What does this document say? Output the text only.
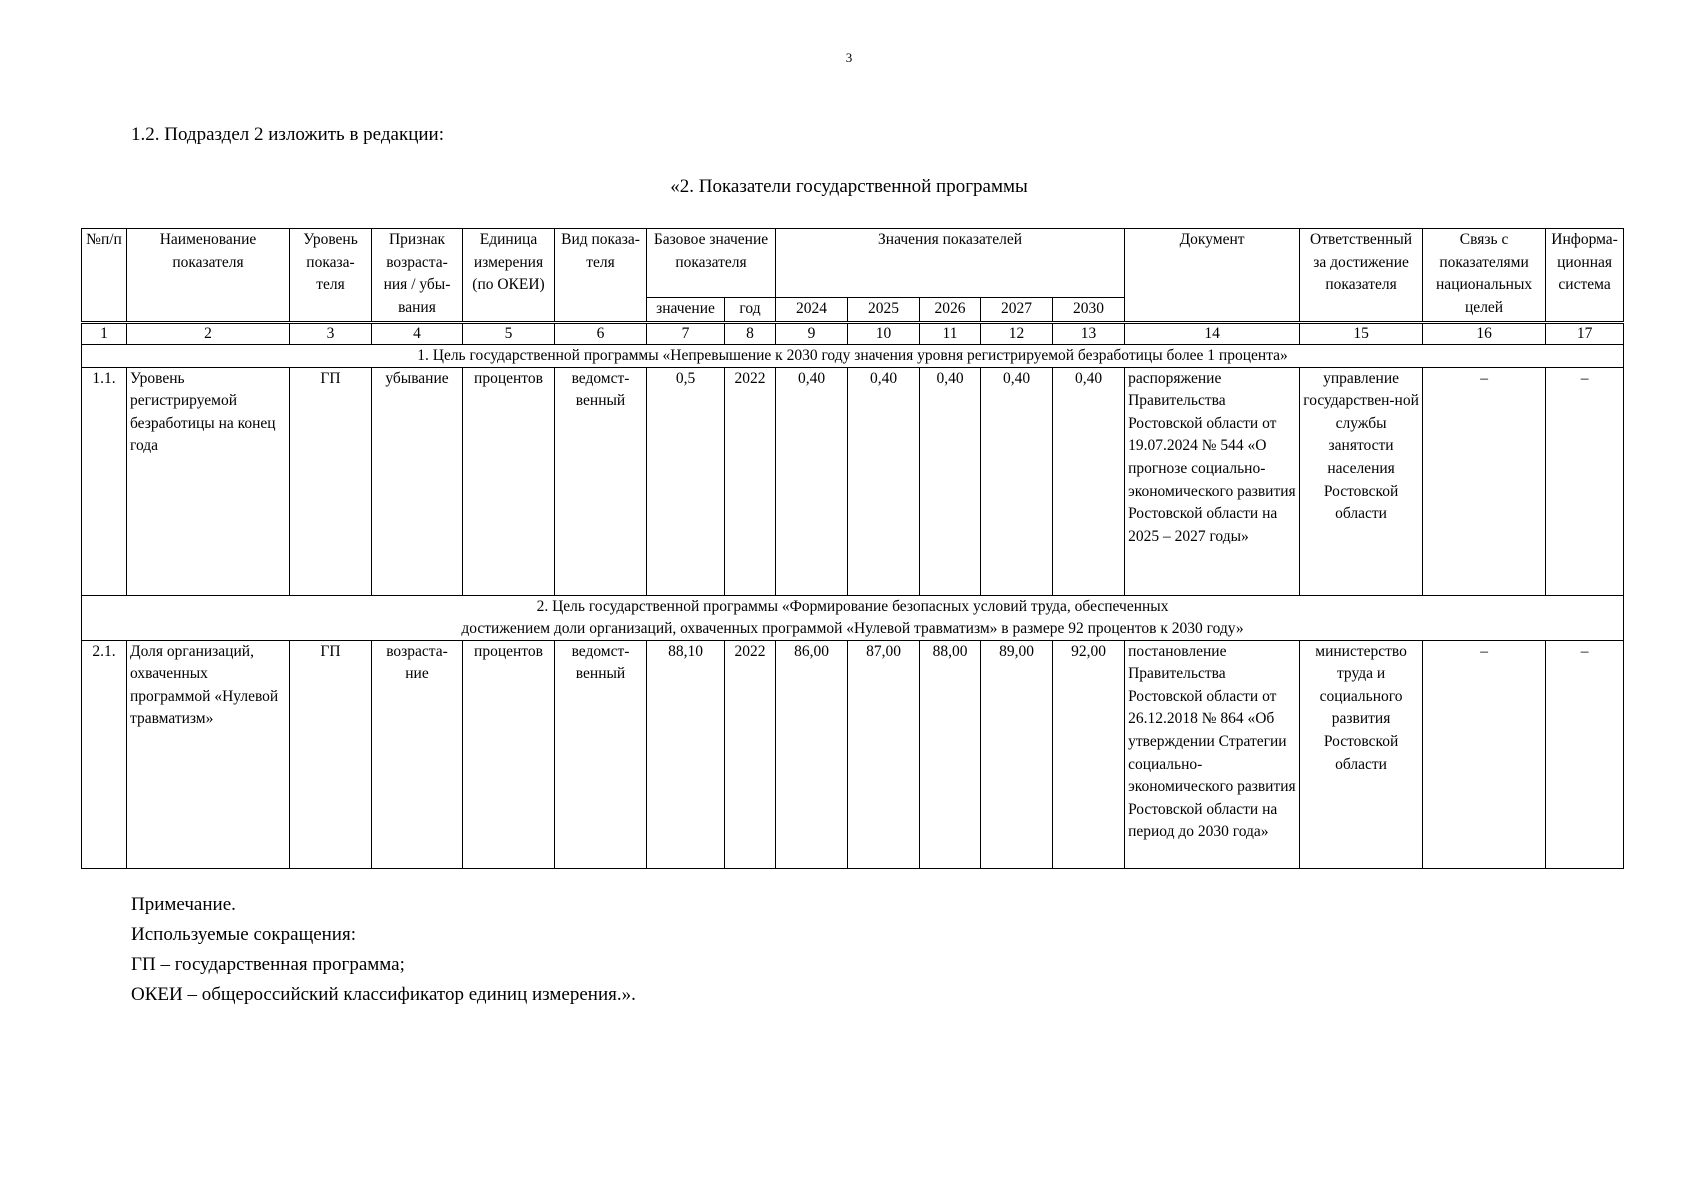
3
1.2. Подраздел 2 изложить в редакции:
«2. Показатели государственной программы
№п/п	Наименование показателя	Уровень показа-теля	Признак возраста-ния / убы-вания	Единица измерения (по ОКЕИ)	Вид показа-теля	Базовое значение показателя		Значения показателей					Документ	Ответственный за достижение показателя	Связь с показателями национальных целей	Информа-ционная система
						значение	год	2024	2025	2026	2027	2030				
1	2	3	4	5	6	7	8	9	10	11	12	13	14	15	16	17
1. Цель государственной программы «Непревышение к 2030 году значения уровня регистрируемой безработицы более 1 процента»																
1.1.	Уровень регистрируемой безработицы на конец года	ГП	убывание	процентов	ведомст-венный	0,5	2022	0,40	0,40	0,40	0,40	0,40	распоряжение Правительства Ростовской области от 19.07.2024 № 544 «О прогнозе социально-экономического развития Ростовской области на 2025 – 2027 годы»	управление государствен-ной службы занятости населения Ростовской области	–	–

2. Цель государственной программы «Формирование безопасных условий труда, обеспеченных
достижением доли организаций, охваченных программой «Нулевой травматизм» в размере 92 процентов к 2030 году»																

2.1.	Доля организаций, охваченных программой «Нулевой травматизм»	ГП	возраста-ние	процентов	ведомст-венный	88,10	2022	86,00	87,00	88,00	89,00	92,00	постановление Правительства Ростовской области от 26.12.2018 № 864 «Об утверждении Стратегии социально-экономического развития Ростовской области на период до 2030 года»	министерство труда и социального развития Ростовской области	–	–
Примечание.
Используемые сокращения:
ГП – государственная программа;
ОКЕИ – общероссийский классификатор единиц измерения.».
